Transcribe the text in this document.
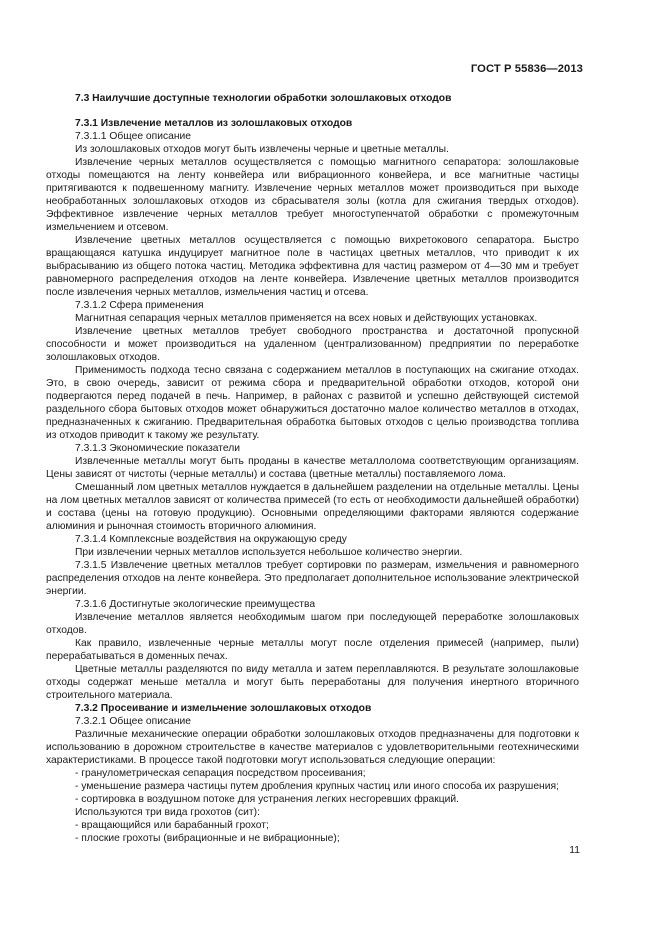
ГОСТ Р 55836—2013
7.3 Наилучшие доступные технологии обработки золошлаковых отходов
7.3.1 Извлечение металлов из золошлаковых отходов
7.3.1.1 Общее описание
Из золошлаковых отходов могут быть извлечены черные и цветные металлы.
Извлечение черных металлов осуществляется с помощью магнитного сепаратора: золошлаковые отходы помещаются на ленту конвейера или вибрационного конвейера, и все магнитные частицы притягиваются к подвешенному магниту. Извлечение черных металлов может производиться при выходе необработанных золошлаковых отходов из сбрасывателя золы (котла для сжигания твердых отходов). Эффективное извлечение черных металлов требует многоступенчатой обработки с промежуточным измельчением и отсевом.
Извлечение цветных металлов осуществляется с помощью вихретокового сепаратора. Быстро вращающаяся катушка индуцирует магнитное поле в частицах цветных металлов, что приводит к их выбрасыванию из общего потока частиц. Методика эффективна для частиц размером от 4—30 мм и требует равномерного распределения отходов на ленте конвейера. Извлечение цветных металлов производится после извлечения черных металлов, измельчения частиц и отсева.
7.3.1.2 Сфера применения
Магнитная сепарация черных металлов применяется на всех новых и действующих установках.
Извлечение цветных металлов требует свободного пространства и достаточной пропускной способности и может производиться на удаленном (централизованном) предприятии по переработке золошлаковых отходов.
Применимость подхода тесно связана с содержанием металлов в поступающих на сжигание отходах. Это, в свою очередь, зависит от режима сбора и предварительной обработки отходов, которой они подвергаются перед подачей в печь. Например, в районах с развитой и успешно действующей системой раздельного сбора бытовых отходов может обнаружиться достаточно малое количество металлов в отходах, предназначенных к сжиганию. Предварительная обработка бытовых отходов с целью производства топлива из отходов приводит к такому же результату.
7.3.1.3 Экономические показатели
Извлеченные металлы могут быть проданы в качестве металлолома соответствующим организациям. Цены зависят от чистоты (черные металлы) и состава (цветные металлы) поставляемого лома.
Смешанный лом цветных металлов нуждается в дальнейшем разделении на отдельные металлы. Цены на лом цветных металлов зависят от количества примесей (то есть от необходимости дальнейшей обработки) и состава (цены на готовую продукцию). Основными определяющими факторами являются содержание алюминия и рыночная стоимость вторичного алюминия.
7.3.1.4 Комплексные воздействия на окружающую среду
При извлечении черных металлов используется небольшое количество энергии.
7.3.1.5 Извлечение цветных металлов требует сортировки по размерам, измельчения и равномерного распределения отходов на ленте конвейера. Это предполагает дополнительное использование электрической энергии.
7.3.1.6 Достигнутые экологические преимущества
Извлечение металлов является необходимым шагом при последующей переработке золошлаковых отходов.
Как правило, извлеченные черные металлы могут после отделения примесей (например, пыли) перерабатываться в доменных печах.
Цветные металлы разделяются по виду металла и затем переплавляются. В результате золошлаковые отходы содержат меньше металла и могут быть переработаны для получения инертного вторичного строительного материала.
7.3.2 Просеивание и измельчение золошлаковых отходов
7.3.2.1 Общее описание
Различные механические операции обработки золошлаковых отходов предназначены для подготовки к использованию в дорожном строительстве в качестве материалов с удовлетворительными геотехническими характеристиками. В процессе такой подготовки могут использоваться следующие операции:
- гранулометрическая сепарация посредством просеивания;
- уменьшение размера частицы путем дробления крупных частиц или иного способа их разрушения;
- сортировка в воздушном потоке для устранения легких несгоревших фракций.
Используются три вида грохотов (сит):
- вращающийся или барабанный грохот;
- плоские грохоты (вибрационные и не вибрационные);
11
